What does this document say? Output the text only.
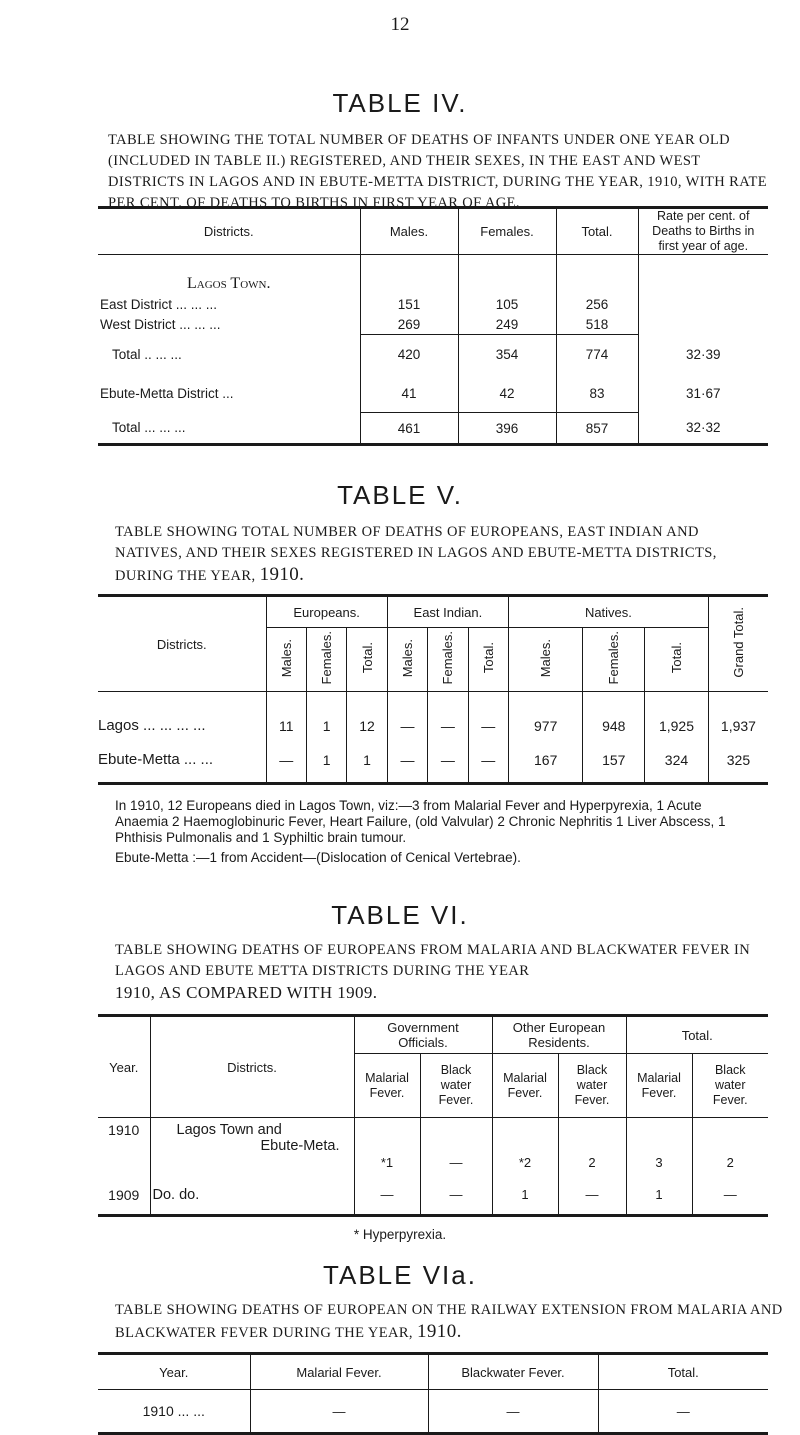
12
TABLE IV.
TABLE SHOWING THE TOTAL NUMBER OF DEATHS OF INFANTS UNDER ONE YEAR OLD (INCLUDED IN TABLE II.) REGISTERED, AND THEIR SEXES, IN THE EAST AND WEST DISTRICTS IN LAGOS AND IN EBUTE-METTA DISTRICT, DURING THE YEAR, 1910, WITH RATE PER CENT. OF DEATHS TO BIRTHS IN FIRST YEAR OF AGE.
Districts.	Males.	Females.	Total.	Rate per cent. of Deaths to Births in first year of age.
Lagos Town.				
East District ... ... ...	151	105	256	
West District ... ... ...	269	249	518	
Total .. ... ...	420	354	774	32·39
Ebute-Metta District ...	41	42	83	31·67
Total ... ... ...	461	396	857	32·32
TABLE V.
TABLE SHOWING TOTAL NUMBER OF DEATHS OF EUROPEANS, EAST INDIAN AND NATIVES, AND THEIR SEXES REGISTERED IN LAGOS AND EBUTE-METTA DISTRICTS, DURING THE YEAR, 1910.
Districts.	Europeans.			East Indian.			Natives.			Grand Total.
	Males.	Females.	Total.	Males.	Females.	Total.	Males.	Females.	Total.	
Lagos ... ... ... ...	11	1	12	—	—	—	977	948	1,925	1,937
Ebute-Metta ... ...	—	1	1	—	—	—	167	157	324	325
In 1910, 12 Europeans died in Lagos Town, viz:—3 from Malarial Fever and Hyperpyrexia, 1 Acute Anaemia 2 Haemoglobinuric Fever, Heart Failure, (old Valvular) 2 Chronic Nephritis 1 Liver Abscess, 1 Phthisis Pulmonalis and 1 Syphiltic brain tumour.
Ebute-Metta :—1 from Accident—(Dislocation of Cenical Vertebrae).
TABLE VI.
TABLE SHOWING DEATHS OF EUROPEANS FROM MALARIA AND BLACKWATER FEVER IN LAGOS AND EBUTE METTA DISTRICTS DURING THE YEAR
1910, AS COMPARED WITH 1909.
Year.	Districts.	Government Officials.		Other European Residents.		Total.	
		Malarial Fever.	Black water Fever.	Malarial Fever.	Black water Fever.	Malarial Fever.	Black water Fever.
1910	Lagos Town and
Ebute-Meta.	*1	—	*2	2	3	2
1909	Do. do.	—	—	1	—	1	—
* Hyperpyrexia.
TABLE VIa.
TABLE SHOWING DEATHS OF EUROPEAN ON THE RAILWAY EXTENSION FROM MALARIA AND BLACKWATER FEVER DURING THE YEAR, 1910.
Year.	Malarial Fever.	Blackwater Fever.	Total.
1910 ... ...	—	—	—
